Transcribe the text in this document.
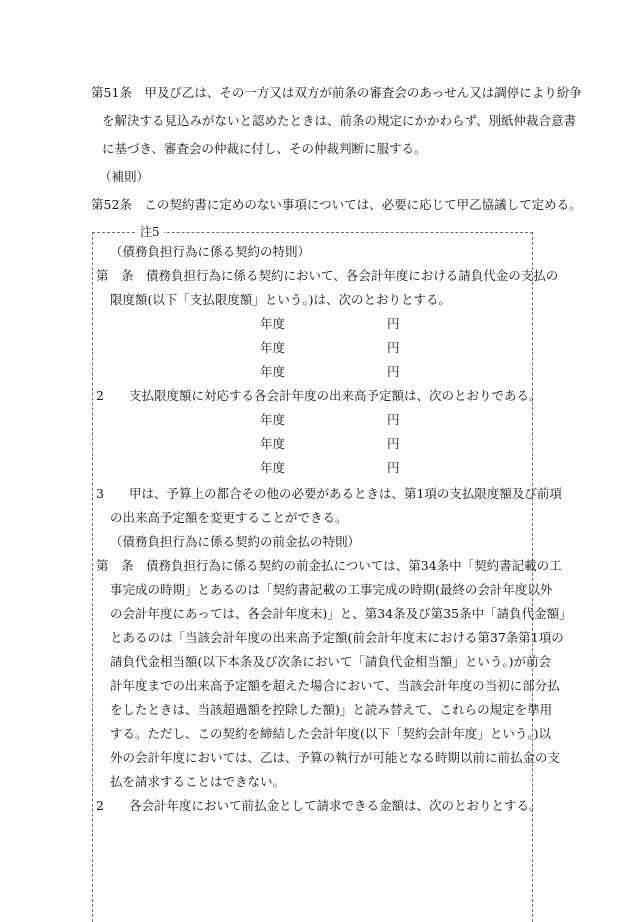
第51条　甲及び乙は、その一方又は双方が前条の審査会のあっせん又は調停により紛争
を解決する見込みがないと認めたときは、前条の規定にかかわらず、別紙仲裁合意書
に基づき、審査会の仲裁に付し、その仲裁判断に服する。
（補則）
第52条　この契約書に定めのない事項については、必要に応じて甲乙協議して定める。
注5
（債務負担行為に係る契約の特則）
第　条　債務負担行為に係る契約において、各会計年度における請負代金の支払の
限度額(以下「支払限度額」という。)は、次のとおりとする。
年度	円
年度	円
年度	円
2　　支払限度額に対応する各会計年度の出来高予定額は、次のとおりである。
年度	円
年度	円
年度	円
3　　甲は、予算上の都合その他の必要があるときは、第1項の支払限度額及び前項
の出来高予定額を変更することができる。
（債務負担行為に係る契約の前金払の特則）
第　条　債務負担行為に係る契約の前金払については、第34条中「契約書記載の工
事完成の時期」とあるのは「契約書記載の工事完成の時期(最終の会計年度以外
の会計年度にあっては、各会計年度末)」と、第34条及び第35条中「請負代金額」
とあるのは「当該会計年度の出来高予定額(前会計年度末における第37条第1項の
請負代金相当額(以下本条及び次条において「請負代金相当額」という。)が前会
計年度までの出来高予定額を超えた場合において、当該会計年度の当初に部分払
をしたときは、当該超過額を控除した額)」と読み替えて、これらの規定を準用
する。ただし、この契約を締結した会計年度(以下「契約会計年度」という。)以
外の会計年度においては、乙は、予算の執行が可能となる時期以前に前払金の支
払を請求することはできない。
2　　各会計年度において前払金として請求できる金額は、次のとおりとする。
